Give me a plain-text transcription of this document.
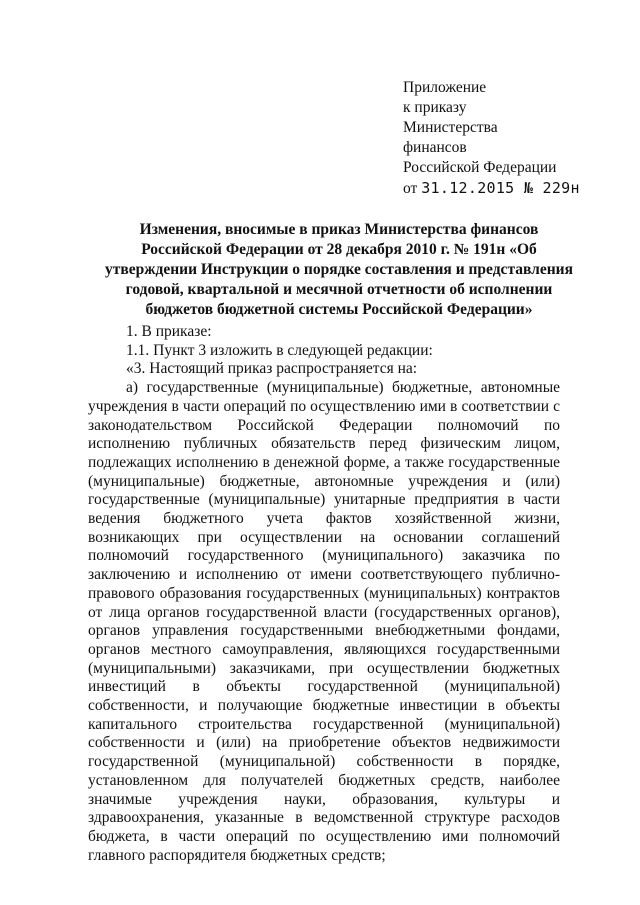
Приложение
к приказу
Министерства
финансов
Российской Федерации
от 31.12.2015 № 229н
Изменения, вносимые в приказ Министерства финансов Российской Федерации от 28 декабря 2010 г. № 191н «Об утверждении Инструкции о порядке составления и представления годовой, квартальной и месячной отчетности об исполнении бюджетов бюджетной системы Российской Федерации»

1. В приказе:

1.1. Пункт 3 изложить в следующей редакции:

«3. Настоящий приказ распространяется на:

а) государственные (муниципальные) бюджетные, автономные учреждения в части операций по осуществлению ими в соответствии с законодательством Российской Федерации полномочий по исполнению публичных обязательств перед физическим лицом, подлежащих исполнению в денежной форме, а также государственные (муниципальные) бюджетные, автономные учреждения и (или) государственные (муниципальные) унитарные предприятия в части ведения бюджетного учета фактов хозяйственной жизни, возникающих при осуществлении на основании соглашений полномочий государственного (муниципального) заказчика по заключению и исполнению от имени соответствующего публично-правового образования государственных (муниципальных) контрактов от лица органов государственной власти (государственных органов), органов управления государственными внебюджетными фондами, органов местного самоуправления, являющихся государственными (муниципальными) заказчиками, при осуществлении бюджетных инвестиций в объекты государственной (муниципальной) собственности, и получающие бюджетные инвестиции в объекты капитального строительства государственной (муниципальной) собственности и (или) на приобретение объектов недвижимости государственной (муниципальной) собственности в порядке, установленном для получателей бюджетных средств, наиболее значимые учреждения науки, образования, культуры и здравоохранения, указанные в ведомственной структуре расходов бюджета, в части операций по осуществлению ими полномочий главного распорядителя бюджетных средств;
